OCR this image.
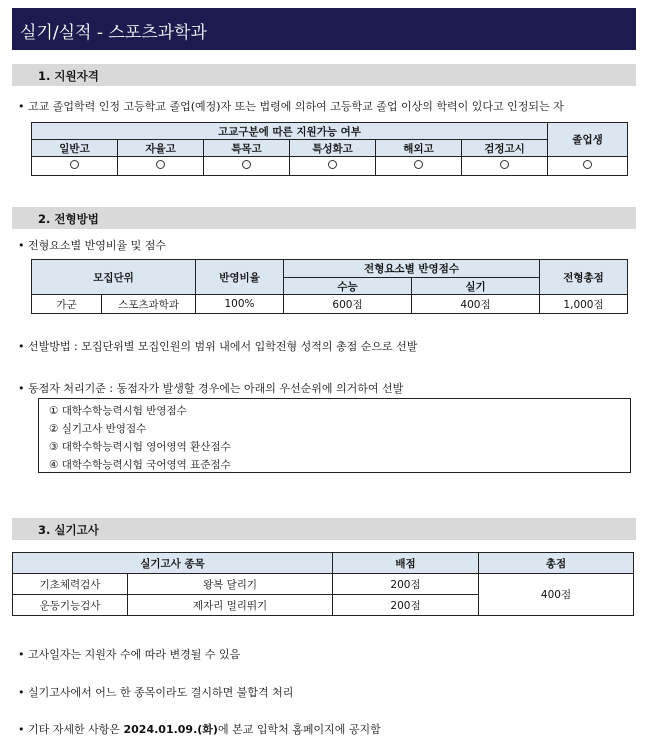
실기/실적 - 스포츠과학과
1. 지원자격
• 고교 졸업학력 인정 고등학교 졸업(예정)자 또는 법령에 의하여 고등학교 졸업 이상의 학력이 있다고 인정되는 자
고교구분에 따른 지원가능 여부						졸업생
일반고	자율고	특목고	특성화고	해외고	검정고시	

2. 전형방법
• 전형요소별 반영비율 및 점수
모집단위		반영비율	전형요소별 반영점수		전형총점
			수능	실기	
가군	스포츠과학과	100%	600점	400점	1,000점
• 선발방법 : 모집단위별 모집인원의 범위 내에서 입학전형 성적의 총점 순으로 선발
• 동점자 처리기준 : 동점자가 발생할 경우에는 아래의 우선순위에 의거하여 선발
① 대학수학능력시험 반영점수
② 실기고사 반영점수
③ 대학수학능력시험 영어영역 환산점수
④ 대학수학능력시험 국어영역 표준점수
3. 실기고사
실기고사 종목		배점	총점
기초체력검사	왕복 달리기	200점	400점
운동기능검사	제자리 멀리뛰기	200점	
• 고사일자는 지원자 수에 따라 변경될 수 있음
• 실기고사에서 어느 한 종목이라도 결시하면 불합격 처리
• 기타 자세한 사항은 2024.01.09.(화)에 본교 입학처 홈페이지에 공지함
